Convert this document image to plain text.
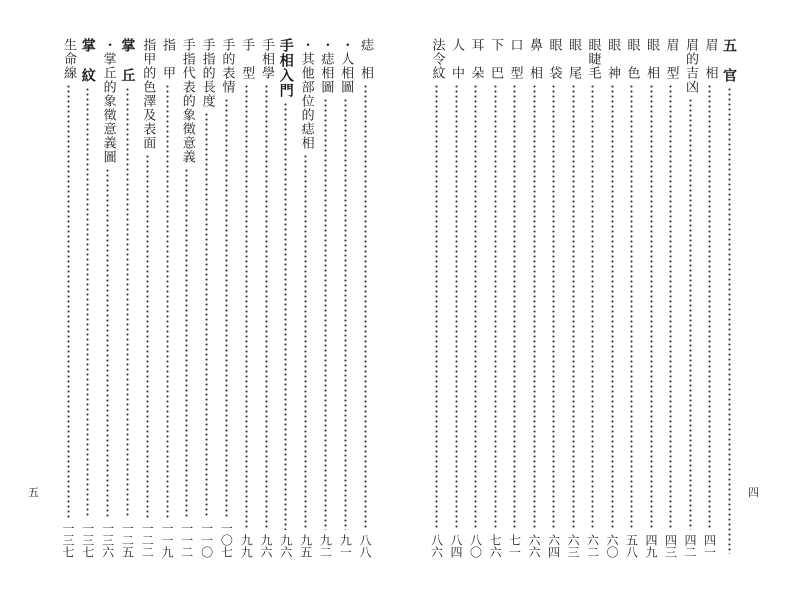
五
痣　相
八八
・人相圖
九一
・痣相圖
九二
・其他部位的痣相
九五
手相入門
九六
手相學
九六
手　型
九九
手的表情
一〇七
手指的長度
一一〇
手指代表的象徵意義
一一二
指　甲
一一九
指甲的色澤及表面
一二二
掌　丘
一二五
・掌丘的象徵意義圖
一三六
掌　紋
一三七
生命線
一三七
四
五　官
眉　相
四一
眉的吉凶
四二
眉　型
四三
眼　相
四九
眼　色
五八
眼　神
六〇
眼睫毛
六二
眼　尾
六三
眼　袋
六四
鼻　相
六六
口　型
七一
下　巴
七六
耳　朵
八〇
人　中
八四
法令紋
八六
